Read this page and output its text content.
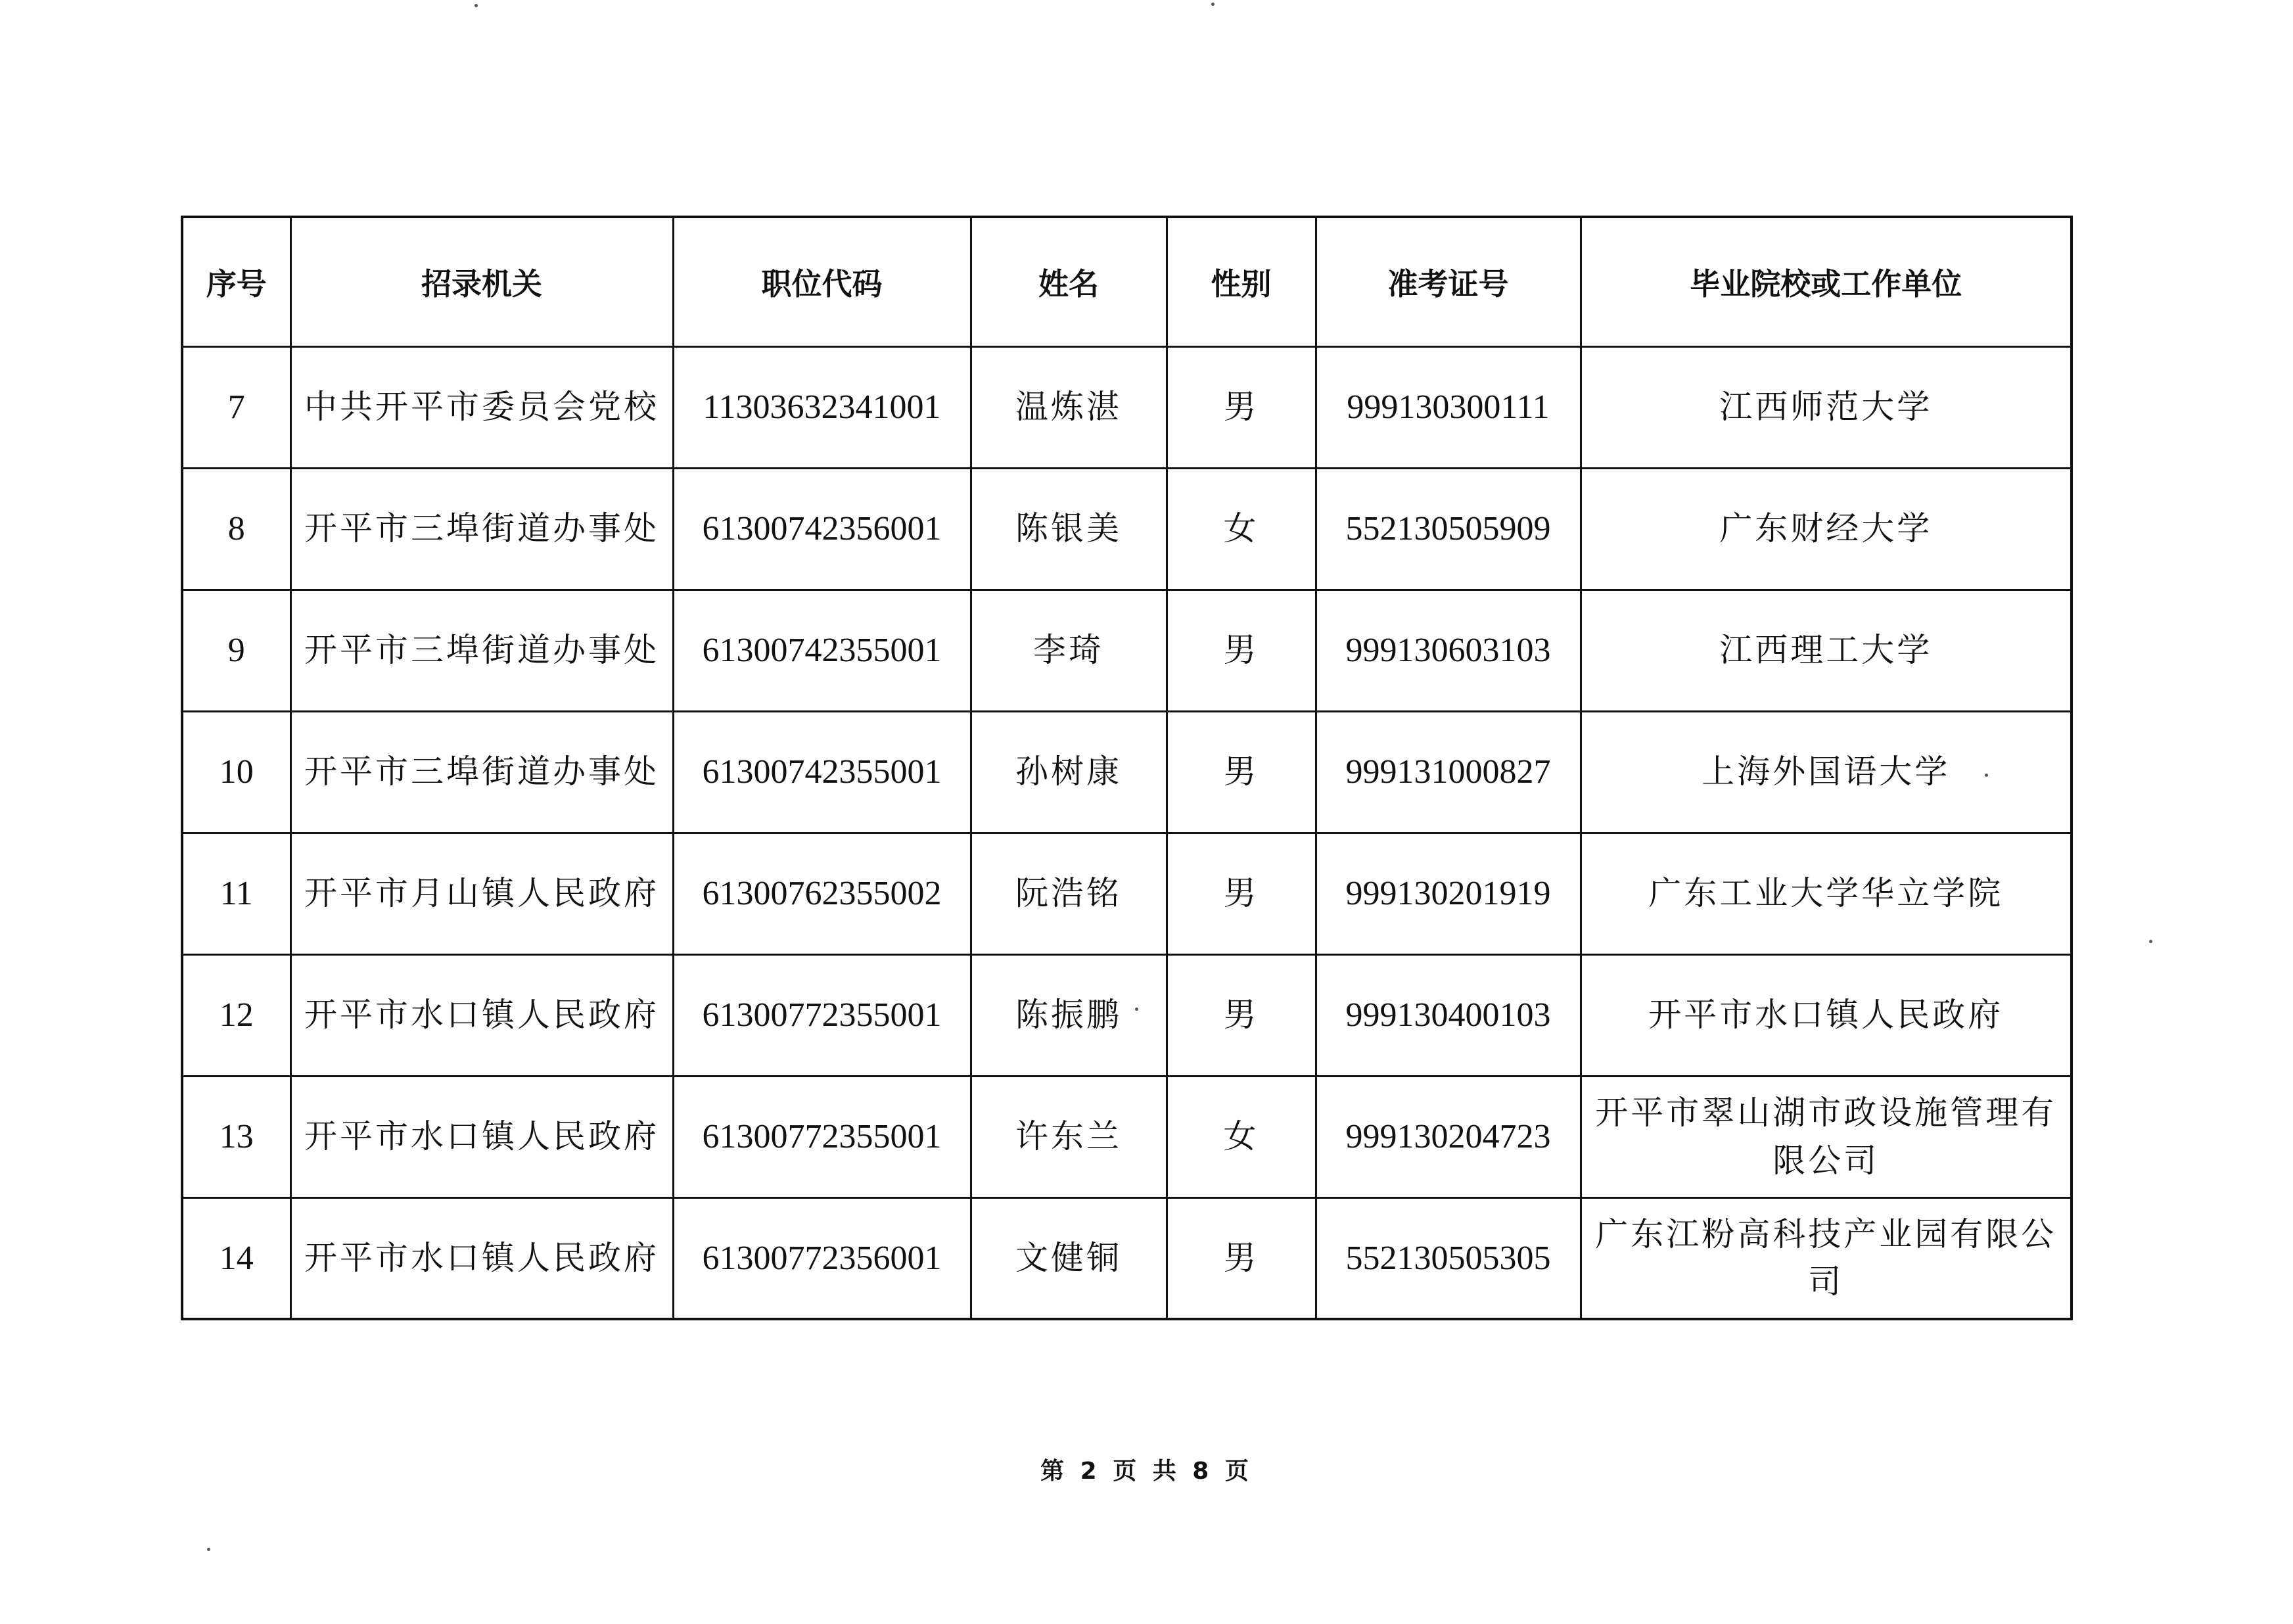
序号	招录机关	职位代码	姓名	性别	准考证号	毕业院校或工作单位
7	中共开平市委员会党校	11303632341001	温炼湛	男	999130300111	江西师范大学
8	开平市三埠街道办事处	61300742356001	陈银美	女	552130505909	广东财经大学
9	开平市三埠街道办事处	61300742355001	李琦	男	999130603103	江西理工大学
10	开平市三埠街道办事处	61300742355001	孙树康	男	999131000827	上海外国语大学
11	开平市月山镇人民政府	61300762355002	阮浩铭	男	999130201919	广东工业大学华立学院
12	开平市水口镇人民政府	61300772355001	陈振鹏	男	999130400103	开平市水口镇人民政府
13	开平市水口镇人民政府	61300772355001	许东兰	女	999130204723	开平市翠山湖市政设施管理有限公司
14	开平市水口镇人民政府	61300772356001	文健铜	男	552130505305	广东江粉高科技产业园有限公司
第 2 页 共 8 页
